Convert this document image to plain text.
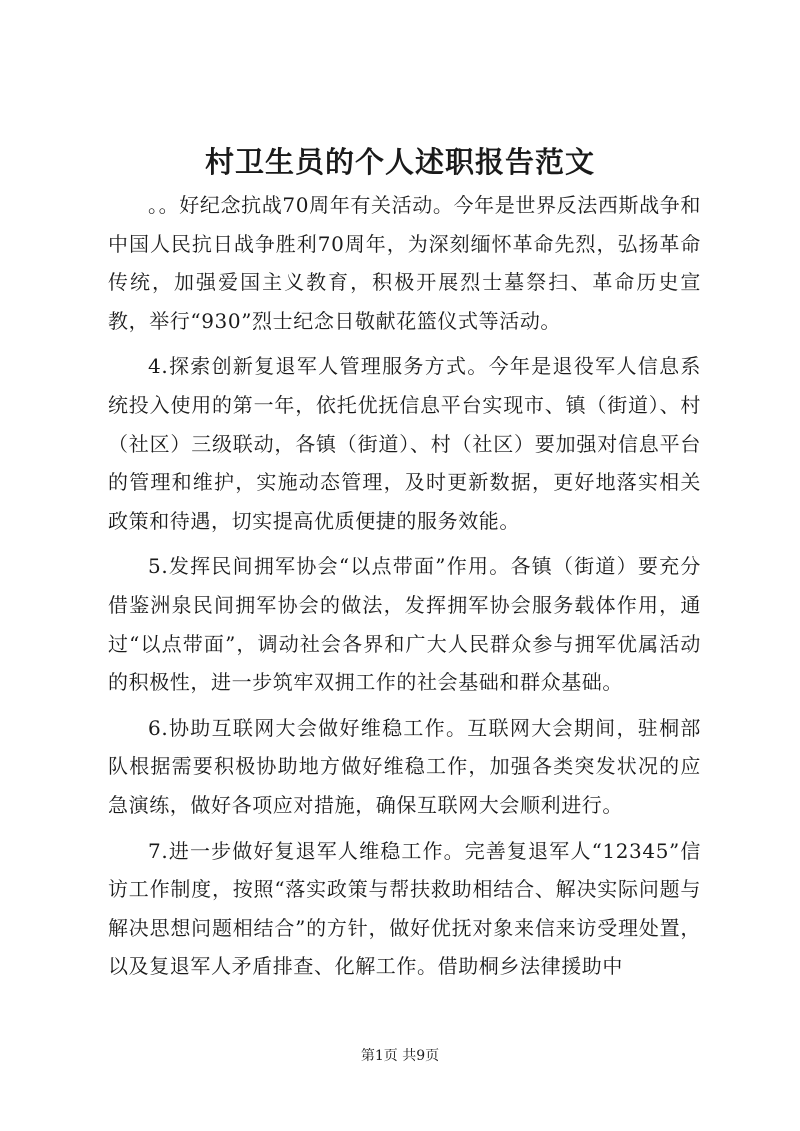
村卫生员的个人述职报告范文

。。好纪念抗战70周年有关活动。今年是世界反法西斯战争和中国人民抗日战争胜利70周年，为深刻缅怀革命先烈，弘扬革命传统，加强爱国主义教育，积极开展烈士墓祭扫、革命历史宣教，举行“930”烈士纪念日敬献花篮仪式等活动。

4.探索创新复退军人管理服务方式。今年是退役军人信息系统投入使用的第一年，依托优抚信息平台实现市、镇（街道）、村（社区）三级联动，各镇（街道）、村（社区）要加强对信息平台的管理和维护，实施动态管理，及时更新数据，更好地落实相关政策和待遇，切实提高优质便捷的服务效能。

5.发挥民间拥军协会“以点带面”作用。各镇（街道）要充分借鉴洲泉民间拥军协会的做法，发挥拥军协会服务载体作用，通过“以点带面”，调动社会各界和广大人民群众参与拥军优属活动的积极性，进一步筑牢双拥工作的社会基础和群众基础。

6.协助互联网大会做好维稳工作。互联网大会期间，驻桐部队根据需要积极协助地方做好维稳工作，加强各类突发状况的应急演练，做好各项应对措施，确保互联网大会顺利进行。

7.进一步做好复退军人维稳工作。完善复退军人“12345”信访工作制度，按照“落实政策与帮扶救助相结合、解决实际问题与解决思想问题相结合”的方针，做好优抚对象来信来访受理处置，以及复退军人矛盾排查、化解工作。借助桐乡法律援助中

第1页 共9页
